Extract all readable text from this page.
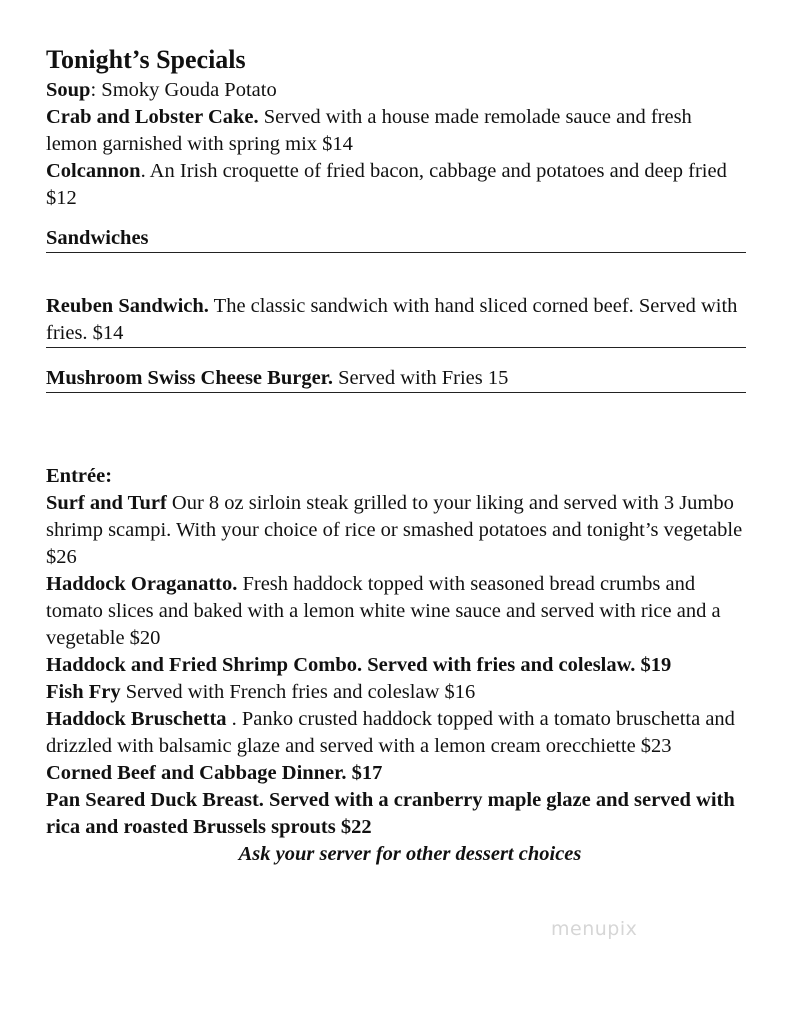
Tonight’s Specials

Soup: Smoky Gouda Potato

Crab and Lobster Cake. Served with a house made remolade sauce and fresh lemon garnished with spring mix $14

Colcannon. An Irish croquette of fried bacon, cabbage and potatoes and deep fried $12

Sandwiches
Reuben Sandwich. The classic sandwich with hand sliced corned beef. Served with fries. $14
Mushroom Swiss Cheese Burger. Served with Fries 15

Entrée:

Surf and Turf Our 8 oz sirloin steak grilled to your liking and served with 3 Jumbo shrimp scampi. With your choice of rice or smashed potatoes and tonight’s vegetable $26

Haddock Oraganatto. Fresh haddock topped with seasoned bread crumbs and tomato slices and baked with a lemon white wine sauce and served with rice and a vegetable $20

Haddock and Fried Shrimp Combo. Served with fries and coleslaw. $19

Fish Fry Served with French fries and coleslaw $16

Haddock Bruschetta . Panko crusted haddock topped with a tomato bruschetta and drizzled with balsamic glaze and served with a lemon cream orecchiette $23

Corned Beef and Cabbage Dinner. $17

Pan Seared Duck Breast. Served with a cranberry maple glaze and served with rica and roasted Brussels sprouts $22

Ask your server for other dessert choices

menupix
